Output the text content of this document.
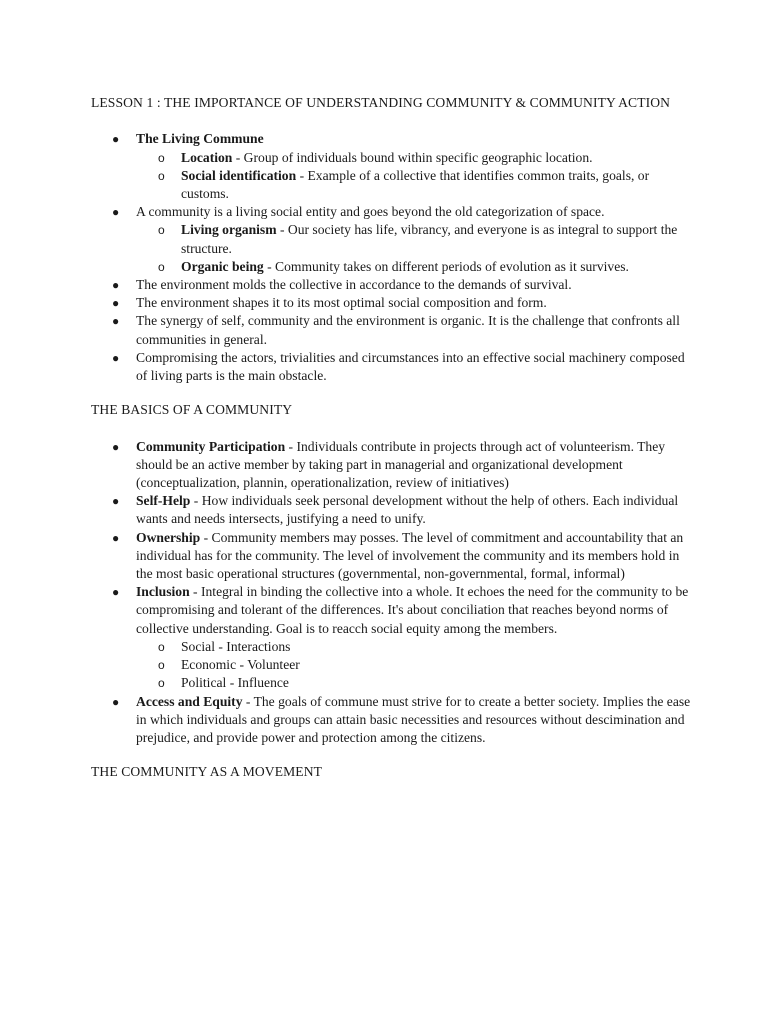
LESSON 1 : THE IMPORTANCE OF UNDERSTANDING COMMUNITY & COMMUNITY ACTION
● The Living Commune
o Location - Group of individuals bound within specific geographic location.
o Social identification - Example of a collective that identifies common traits, goals, or customs.
● A community is a living social entity and goes beyond the old categorization of space.
o Living organism - Our society has life, vibrancy, and everyone is as integral to support the structure.
o Organic being - Community takes on different periods of evolution as it survives.
● The environment molds the collective in accordance to the demands of survival.
● The environment shapes it to its most optimal social composition and form.
● The synergy of self, community and the environment is organic. It is the challenge that confronts all communities in general.
● Compromising the actors, trivialities and circumstances into an effective social machinery composed of living parts is the main obstacle.
THE BASICS OF A COMMUNITY
● Community Participation - Individuals contribute in projects through act of volunteerism. They should be an active member by taking part in managerial and organizational development (conceptualization, plannin, operationalization, review of initiatives)
● Self-Help - How individuals seek personal development without the help of others. Each individual wants and needs intersects, justifying a need to unify.
● Ownership - Community members may posses. The level of commitment and accountability that an individual has for the community. The level of involvement the community and its members hold in the most basic operational structures (governmental, non-governmental, formal, informal)
● Inclusion - Integral in binding the collective into a whole. It echoes the need for the community to be compromising and tolerant of the differences. It's about conciliation that reaches beyond norms of collective understanding. Goal is to reacch social equity among the members.
o Social - Interactions
o Economic - Volunteer
o Political - Influence
● Access and Equity - The goals of commune must strive for to create a better society. Implies the ease in which individuals and groups can attain basic necessities and resources without descimination and prejudice, and provide power and protection among the citizens.
THE COMMUNITY AS A MOVEMENT
